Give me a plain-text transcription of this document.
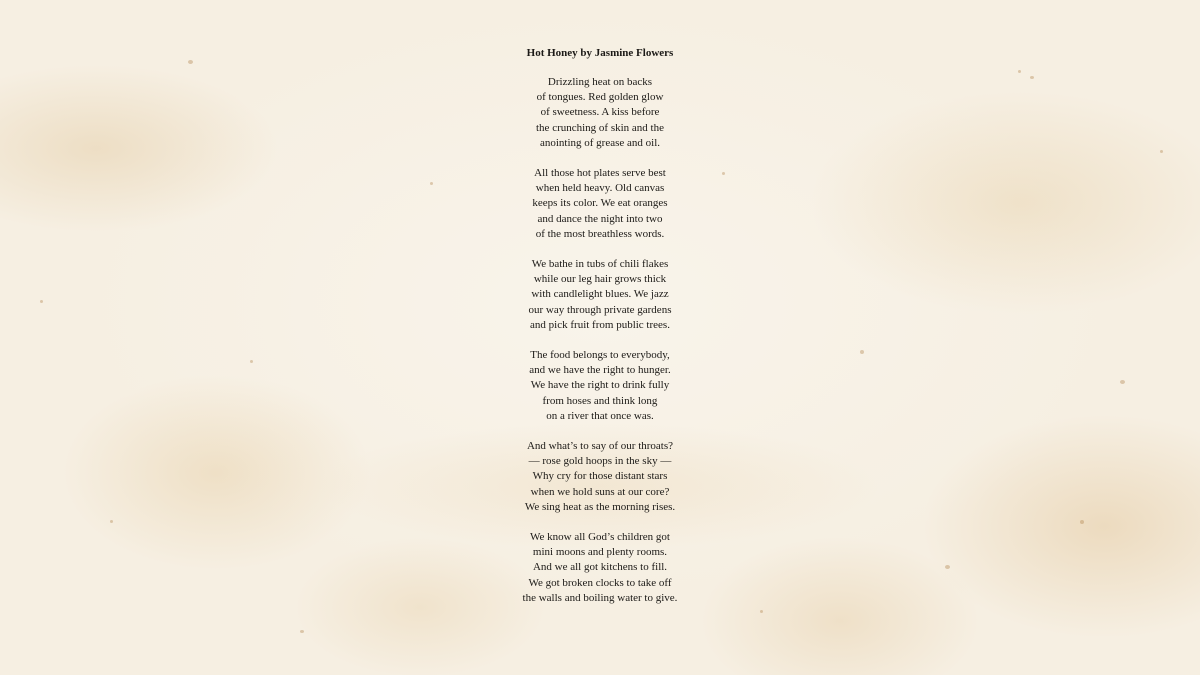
Hot Honey by Jasmine Flowers
Drizzling heat on backs
of tongues. Red golden glow
of sweetness. A kiss before
the crunching of skin and the
anointing of grease and oil.
All those hot plates serve best
when held heavy. Old canvas
keeps its color. We eat oranges
and dance the night into two
of the most breathless words.
We bathe in tubs of chili flakes
while our leg hair grows thick
with candlelight blues. We jazz
our way through private gardens
and pick fruit from public trees.
The food belongs to everybody,
and we have the right to hunger.
We have the right to drink fully
from hoses and think long
on a river that once was.
And what’s to say of our throats?
— rose gold hoops in the sky —
Why cry for those distant stars
when we hold suns at our core?
We sing heat as the morning rises.
We know all God’s children got
mini moons and plenty rooms.
And we all got kitchens to fill.
We got broken clocks to take off
the walls and boiling water to give.
